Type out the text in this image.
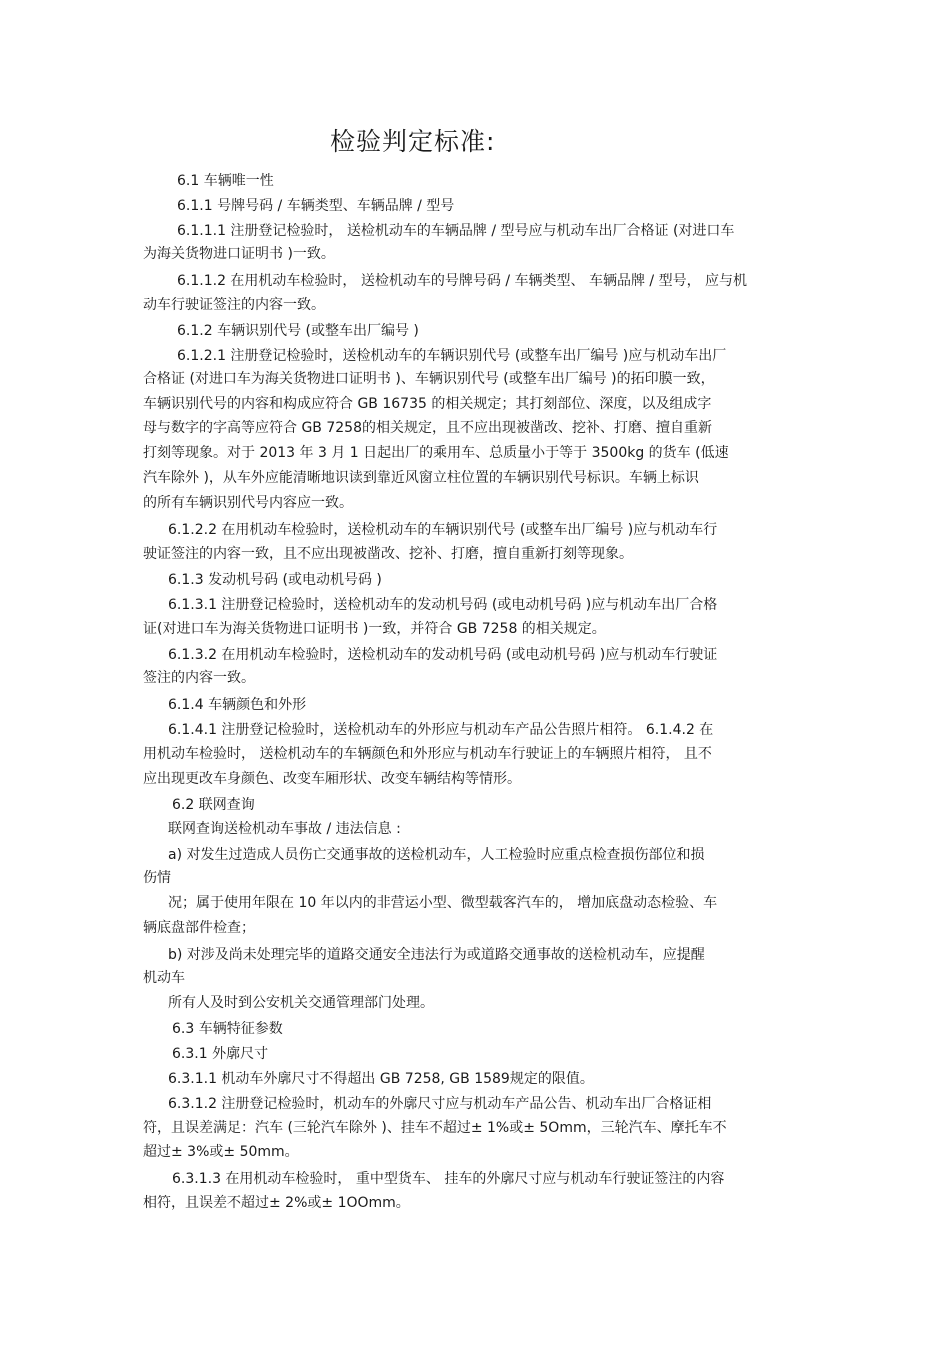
检验判定标准:
6.1 车辆唯一性
6.1.1 号牌号码 / 车辆类型、车辆品牌 / 型号
6.1.1.1 注册登记检验时， 送检机动车的车辆品牌 / 型号应与机动车出厂合格证 (对进口车
为海关货物进口证明书 )一致。
6.1.1.2 在用机动车检验时， 送检机动车的号牌号码 / 车辆类型、 车辆品牌 / 型号， 应与机
动车行驶证签注的内容一致。
6.1.2 车辆识别代号 (或整车出厂编号 )
6.1.2.1 注册登记检验时，送检机动车的车辆识别代号 (或整车出厂编号 )应与机动车出厂
合格证 (对进口车为海关货物进口证明书 )、车辆识别代号 (或整车出厂编号 )的拓印膜一致，
车辆识别代号的内容和构成应符合 GB 16735 的相关规定；其打刻部位、深度，以及组成字
母与数字的字高等应符合 GB 7258的相关规定，且不应出现被凿改、挖补、打磨、擅自重新
打刻等现象。对于 2013 年 3 月 1 日起出厂的乘用车、总质量小于等于 3500kg 的货车 (低速
汽车除外 )，从车外应能清晰地识读到靠近风窗立柱位置的车辆识别代号标识。车辆上标识
的所有车辆识别代号内容应一致。
6.1.2.2 在用机动车检验时，送检机动车的车辆识别代号 (或整车出厂编号 )应与机动车行
驶证签注的内容一致，且不应出现被凿改、挖补、打磨，擅自重新打刻等现象。
6.1.3 发动机号码 (或电动机号码 )
6.1.3.1 注册登记检验时，送检机动车的发动机号码 (或电动机号码 )应与机动车出厂合格
证(对进口车为海关货物进口证明书 )一致，并符合 GB 7258 的相关规定。
6.1.3.2 在用机动车检验时，送检机动车的发动机号码 (或电动机号码 )应与机动车行驶证
签注的内容一致。
6.1.4 车辆颜色和外形
6.1.4.1 注册登记检验时，送检机动车的外形应与机动车产品公告照片相符。 6.1.4.2 在
用机动车检验时， 送检机动车的车辆颜色和外形应与机动车行驶证上的车辆照片相符， 且不
应出现更改车身颜色、改变车厢形状、改变车辆结构等情形。
6.2 联网查询
联网查询送检机动车事故 / 违法信息 :
a) 对发生过造成人员伤亡交通事故的送检机动车，人工检验时应重点检查损伤部位和损
伤情
况；属于使用年限在 10 年以内的非营运小型、微型载客汽车的， 增加底盘动态检验、车
辆底盘部件检查；
b) 对涉及尚未处理完毕的道路交通安全违法行为或道路交通事故的送检机动车，应提醒
机动车
所有人及时到公安机关交通管理部门处理。
6.3 车辆特征参数
6.3.1 外廓尺寸
6.3.1.1 机动车外廓尺寸不得超出 GB 7258, GB 1589规定的限值。
6.3.1.2 注册登记检验时，机动车的外廓尺寸应与机动车产品公告、机动车出厂合格证相
符，且误差满足：汽车 (三轮汽车除外 )、挂车不超过± 1%或± 5Omm，三轮汽车、摩托车不
超过± 3%或± 50mm。
6.3.1.3 在用机动车检验时， 重中型货车、 挂车的外廓尺寸应与机动车行驶证签注的内容
相符，且误差不超过± 2%或± 1OOmm。
